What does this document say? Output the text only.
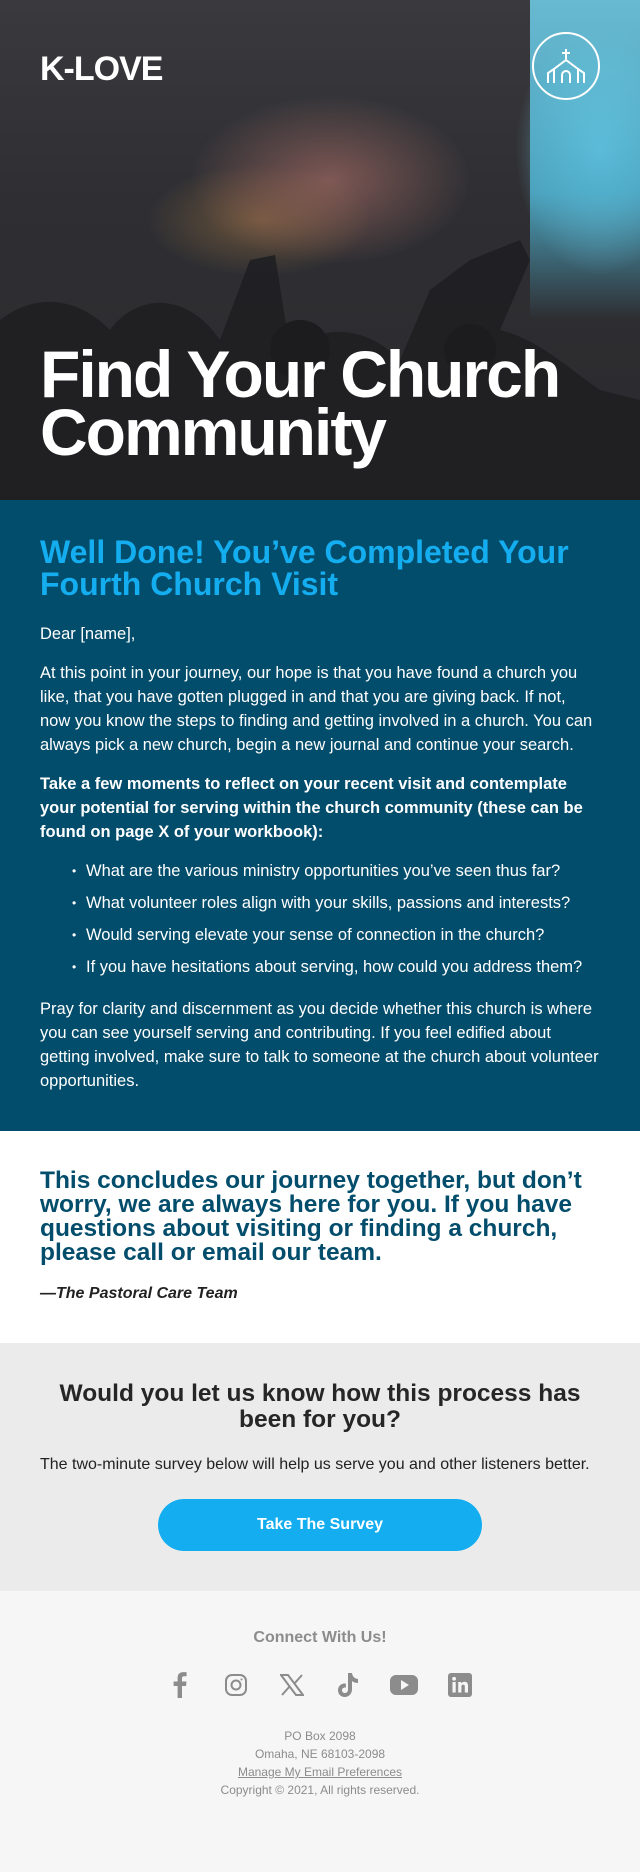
K-LOVE
Find Your Church Community
Well Done! You’ve Completed Your Fourth Church Visit

Dear [name],

At this point in your journey, our hope is that you have found a church you like, that you have gotten plugged in and that you are giving back. If not, now you know the steps to finding and getting involved in a church. You can always pick a new church, begin a new journal and continue your search.

Take a few moments to reflect on your recent visit and contemplate your potential for serving within the church community (these can be found on page X of your workbook):

• What are the various ministry opportunities you’ve seen thus far?
• What volunteer roles align with your skills, passions and interests?
• Would serving elevate your sense of connection in the church?
• If you have hesitations about serving, how could you address them?

Pray for clarity and discernment as you decide whether this church is where you can see yourself serving and contributing. If you feel edified about getting involved, make sure to talk to someone at the church about volunteer opportunities.

This concludes our journey together, but don’t worry, we are always here for you. If you have questions about visiting or finding a church, please call or email our team.
—The Pastoral Care Team
Would you let us know how this process has been for you?

The two-minute survey below will help us serve you and other listeners better.

Take The Survey
Connect With Us!
PO Box 2098
Omaha, NE 68103-2098
Manage My Email Preferences
Copyright © 2021, All rights reserved.
